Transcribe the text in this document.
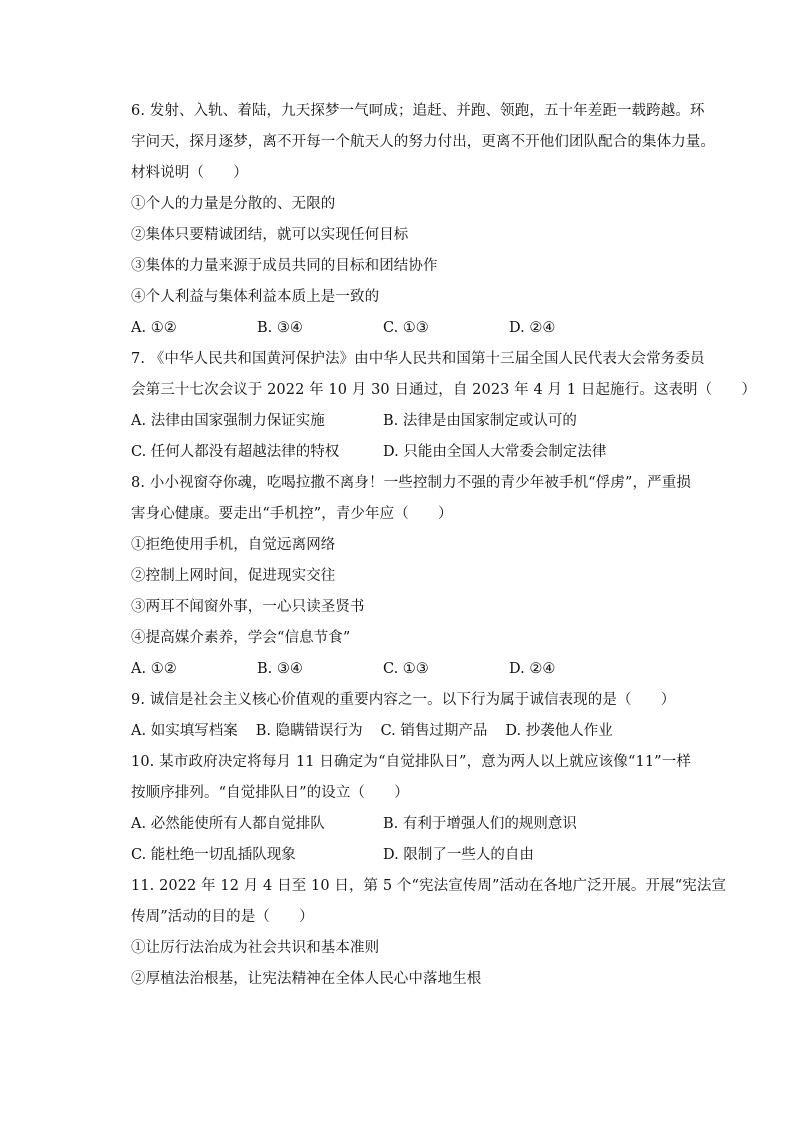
6. 发射、入轨、着陆，九天探梦一气呵成；追赶、并跑、领跑，五十年差距一载跨越。环
宇问天，探月逐梦，离不开每一个航天人的努力付出，更离不开他们团队配合的集体力量。
材料说明（　　）
①个人的力量是分散的、无限的
②集体只要精诚团结，就可以实现任何目标
③集体的力量来源于成员共同的目标和团结协作
④个人利益与集体利益本质上是一致的
A. ①②	B. ③④	C. ①③	D. ②④
7. 《中华人民共和国黄河保护法》由中华人民共和国第十三届全国人民代表大会常务委员
会第三十七次会议于 2022 年 10 月 30 日通过，自 2023 年 4 月 1 日起施行。这表明（　　）
A. 法律由国家强制力保证实施	B. 法律是由国家制定或认可的
C. 任何人都没有超越法律的特权	D. 只能由全国人大常委会制定法律
8. 小小视窗夺你魂，吃喝拉撒不离身！一些控制力不强的青少年被手机“俘虏”，严重损
害身心健康。要走出“手机控”，青少年应（　　）
①拒绝使用手机，自觉远离网络
②控制上网时间，促进现实交往
③两耳不闻窗外事，一心只读圣贤书
④提高媒介素养，学会“信息节食”
A. ①②	B. ③④	C. ①③	D. ②④
9. 诚信是社会主义核心价值观的重要内容之一。以下行为属于诚信表现的是（　　）
A. 如实填写档案 B. 隐瞒错误行为 C. 销售过期产品 D. 抄袭他人作业
10. 某市政府决定将每月 11 日确定为“自觉排队日”，意为两人以上就应该像“11”一样
按顺序排列。“自觉排队日”的设立（　　）
A. 必然能使所有人都自觉排队	B. 有利于增强人们的规则意识
C. 能杜绝一切乱插队现象	D. 限制了一些人的自由
11. 2022 年 12 月 4 日至 10 日，第 5 个“宪法宣传周”活动在各地广泛开展。开展“宪法宣
传周”活动的目的是（　　）
①让厉行法治成为社会共识和基本准则
②厚植法治根基，让宪法精神在全体人民心中落地生根
